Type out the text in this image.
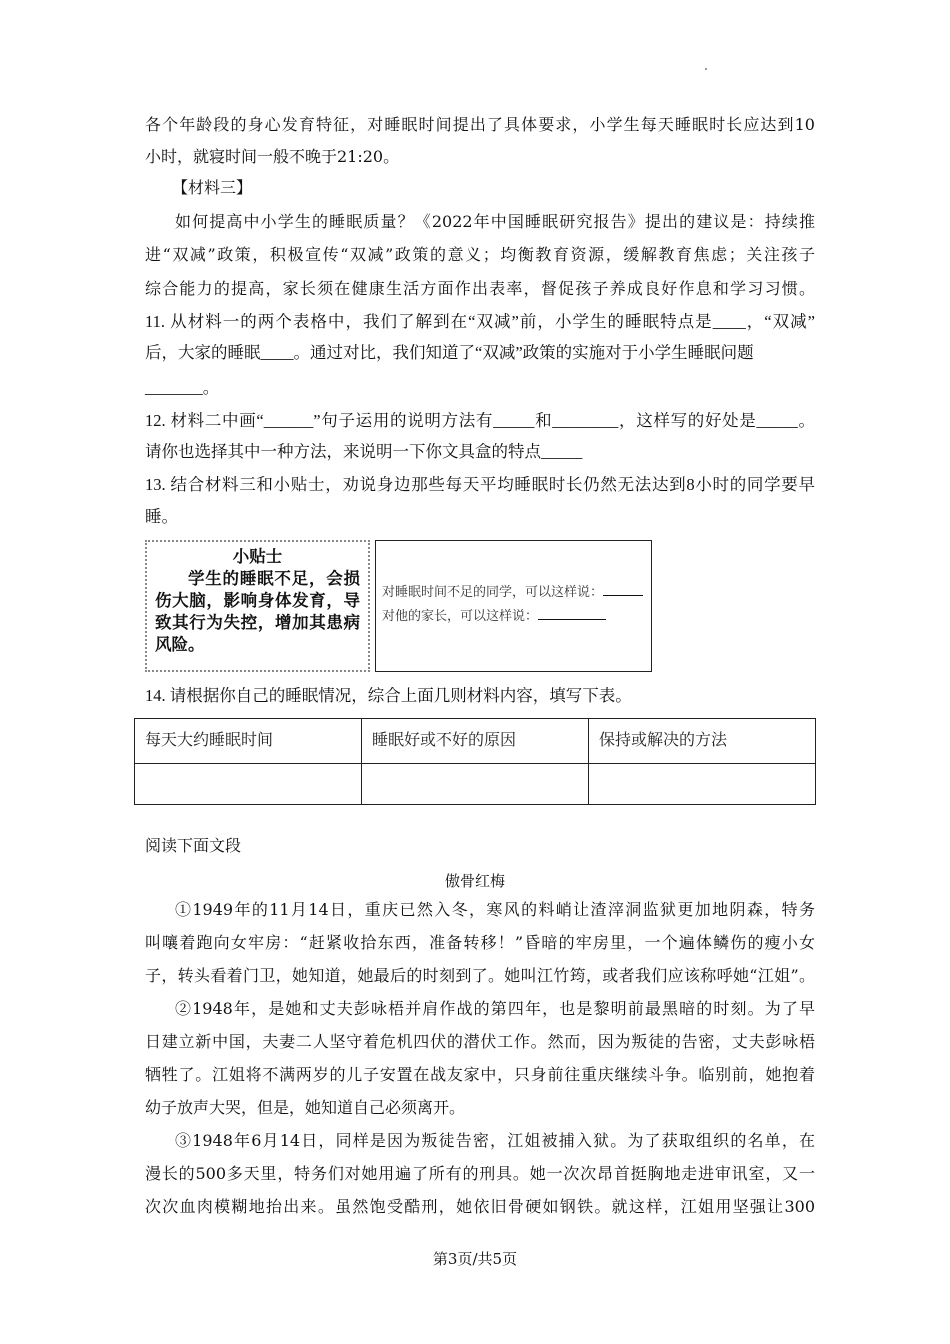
各个年龄段的身心发育特征，对睡眠时间提出了具体要求，小学生每天睡眠时长应达到10
小时，就寝时间一般不晚于21:20。
【材料三】
如何提高中小学生的睡眠质量？《2022年中国睡眠研究报告》提出的建议是：持续推
进“双减”政策，积极宣传“双减”政策的意义；均衡教育资源，缓解教育焦虑；关注孩子
综合能力的提高，家长须在健康生活方面作出表率，督促孩子养成良好作息和学习习惯。
11. 从材料一的两个表格中，我们了解到在“双减”前，小学生的睡眠特点是____，“双减”
后，大家的睡眠____。通过对比，我们知道了“双减”政策的实施对于小学生睡眠问题
_______。
12. 材料二中画“______”句子运用的说明方法有_____和________，这样写的好处是_____。
请你也选择其中一种方法，来说明一下你文具盒的特点_____
13. 结合材料三和小贴士，劝说身边那些每天平均睡眠时长仍然无法达到8小时的同学要早
睡。
小贴士
学生的睡眠不足，会损伤大脑，影响身体发育，导致其行为失控，增加其患病风险。
对睡眠时间不足的同学，可以这样说：
对他的家长，可以这样说：
14. 请根据你自己的睡眠情况，综合上面几则材料内容，填写下表。
每天大约睡眠时间	睡眠好或不好的原因	保持或解决的方法

阅读下面文段
傲骨红梅
①1949年的11月14日，重庆已然入冬，寒风的料峭让渣滓洞监狱更加地阴森，特务
叫嚷着跑向女牢房：“赶紧收拾东西，准备转移！”昏暗的牢房里，一个遍体鳞伤的瘦小女
子，转头看着门卫，她知道，她最后的时刻到了。她叫江竹筠，或者我们应该称呼她“江姐”。
②1948年，是她和丈夫彭咏梧并肩作战的第四年，也是黎明前最黑暗的时刻。为了早
日建立新中国，夫妻二人坚守着危机四伏的潜伏工作。然而，因为叛徒的告密，丈夫彭咏梧
牺牲了。江姐将不满两岁的儿子安置在战友家中，只身前往重庆继续斗争。临别前，她抱着
幼子放声大哭，但是，她知道自己必须离开。
③1948年6月14日，同样是因为叛徒告密，江姐被捕入狱。为了获取组织的名单，在
漫长的500多天里，特务们对她用遍了所有的刑具。她一次次昂首挺胸地走进审讯室，又一
次次血肉模糊地抬出来。虽然饱受酷刑，她依旧骨硬如钢铁。就这样，江姐用坚强让300
第3页/共5页
